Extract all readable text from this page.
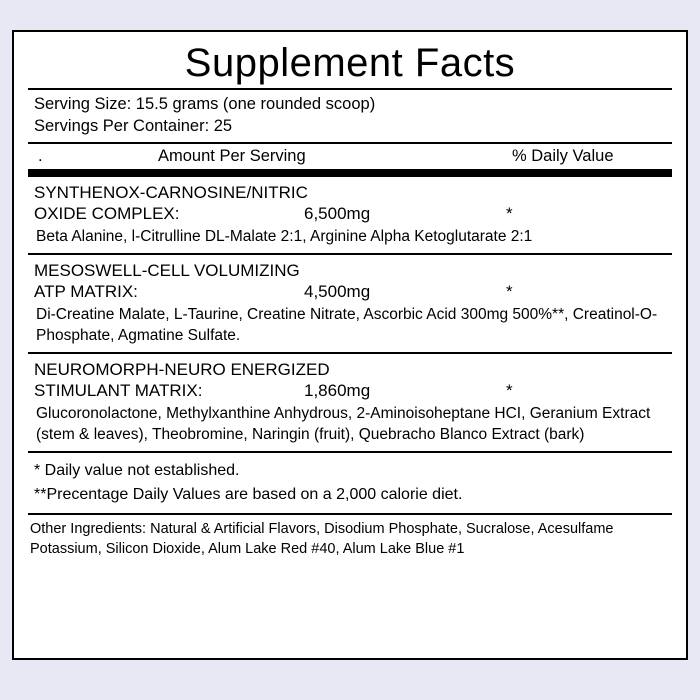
Supplement Facts
Serving Size: 15.5 grams (one rounded scoop)
Servings Per Container: 25
.	Amount Per Serving	% Daily Value
SYNTHENOX-CARNOSINE/NITRIC
OXIDE COMPLEX:	6,500mg	*
Beta Alanine, l-Citrulline DL-Malate 2:1, Arginine Alpha Ketoglutarate 2:1
MESOSWELL-CELL VOLUMIZING
ATP MATRIX:	4,500mg	*
Di-Creatine Malate, L-Taurine, Creatine Nitrate, Ascorbic Acid 300mg 500%**, Creatinol-O-Phosphate, Agmatine Sulfate.
NEUROMORPH-NEURO ENERGIZED
STIMULANT MATRIX:	1,860mg	*
Glucoronolactone, Methylxanthine Anhydrous, 2-Aminoisoheptane HCI, Geranium Extract (stem & leaves), Theobromine, Naringin (fruit), Quebracho Blanco Extract (bark)
* Daily value not established.
**Precentage Daily Values are based on a 2,000 calorie diet.
Other Ingredients: Natural & Artificial Flavors, Disodium Phosphate, Sucralose, Acesulfame Potassium, Silicon Dioxide, Alum Lake Red #40, Alum Lake Blue #1
